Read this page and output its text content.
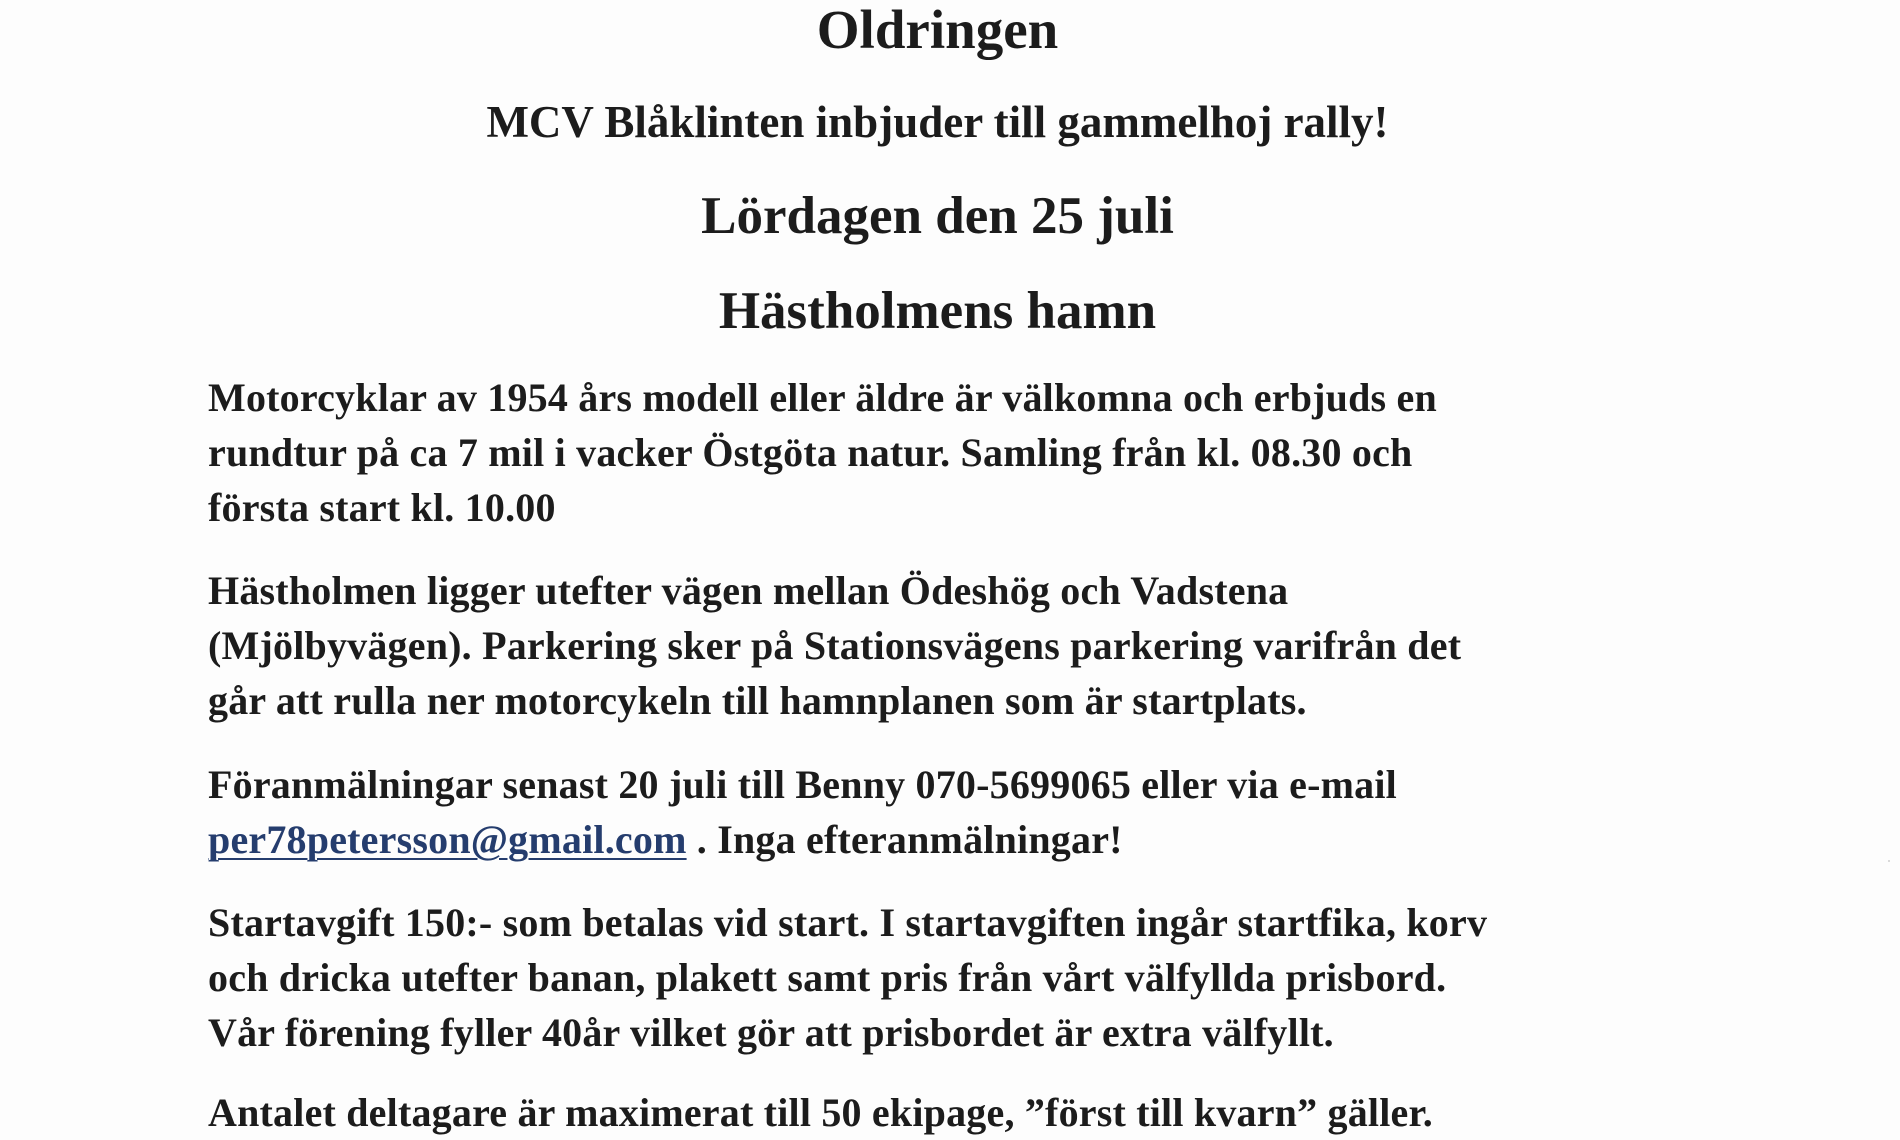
Oldringen
MCV Blåklinten inbjuder till gammelhoj rally!
Lördagen den 25 juli
Hästholmens hamn
Motorcyklar av 1954 års modell eller äldre är välkomna och erbjuds en
rundtur på ca 7 mil i vacker Östgöta natur. Samling från kl. 08.30 och
första start kl. 10.00
Hästholmen ligger utefter vägen mellan Ödeshög och Vadstena
(Mjölbyvägen). Parkering sker på Stationsvägens parkering varifrån det
går att rulla ner motorcykeln till hamnplanen som är startplats.
Föranmälningar senast 20 juli till Benny 070-5699065 eller via e-mail
per78petersson@gmail.com . Inga efteranmälningar!
Startavgift 150:- som betalas vid start. I startavgiften ingår startfika, korv
och dricka utefter banan, plakett samt pris från vårt välfyllda prisbord.
Vår förening fyller 40år vilket gör att prisbordet är extra välfyllt.
Antalet deltagare är maximerat till 50 ekipage, ”först till kvarn” gäller.
